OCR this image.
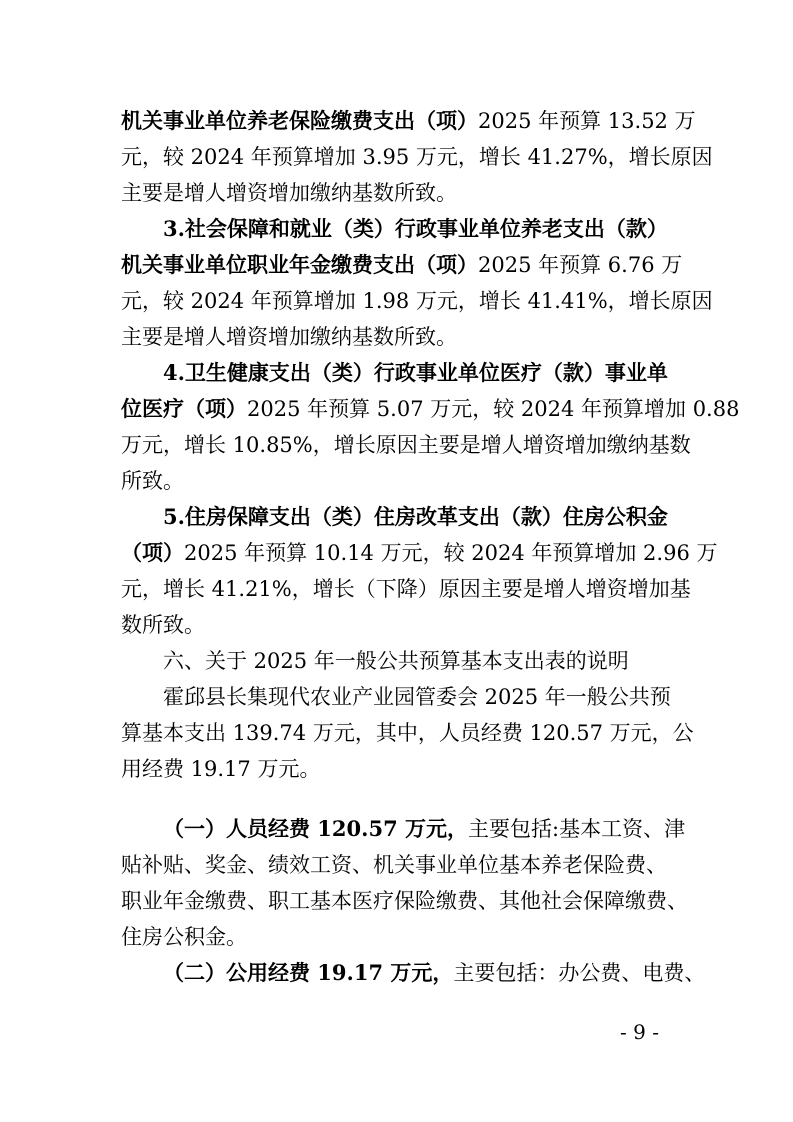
机关事业单位养老保险缴费支出（项）2025 年预算 13.52 万
元，较 2024 年预算增加 3.95 万元，增长 41.27%，增长原因
主要是增人增资增加缴纳基数所致。
3.社会保障和就业（类）行政事业单位养老支出（款）
机关事业单位职业年金缴费支出（项）2025 年预算 6.76 万
元，较 2024 年预算增加 1.98 万元，增长 41.41%，增长原因
主要是增人增资增加缴纳基数所致。
4.卫生健康支出（类）行政事业单位医疗（款）事业单
位医疗（项）2025 年预算 5.07 万元，较 2024 年预算增加 0.88
万元，增长 10.85%，增长原因主要是增人增资增加缴纳基数
所致。
5.住房保障支出（类）住房改革支出（款）住房公积金
（项）2025 年预算 10.14 万元，较 2024 年预算增加 2.96 万
元，增长 41.21%，增长（下降）原因主要是增人增资增加基
数所致。
六、关于 2025 年一般公共预算基本支出表的说明
霍邱县长集现代农业产业园管委会 2025 年一般公共预
算基本支出 139.74 万元，其中，人员经费 120.57 万元，公
用经费 19.17 万元。
（一）人员经费 120.57 万元，主要包括:基本工资、津
贴补贴、奖金、绩效工资、机关事业单位基本养老保险费、
职业年金缴费、职工基本医疗保险缴费、其他社会保障缴费、
住房公积金。
（二）公用经费 19.17 万元，主要包括：办公费、电费、
- 9 -
